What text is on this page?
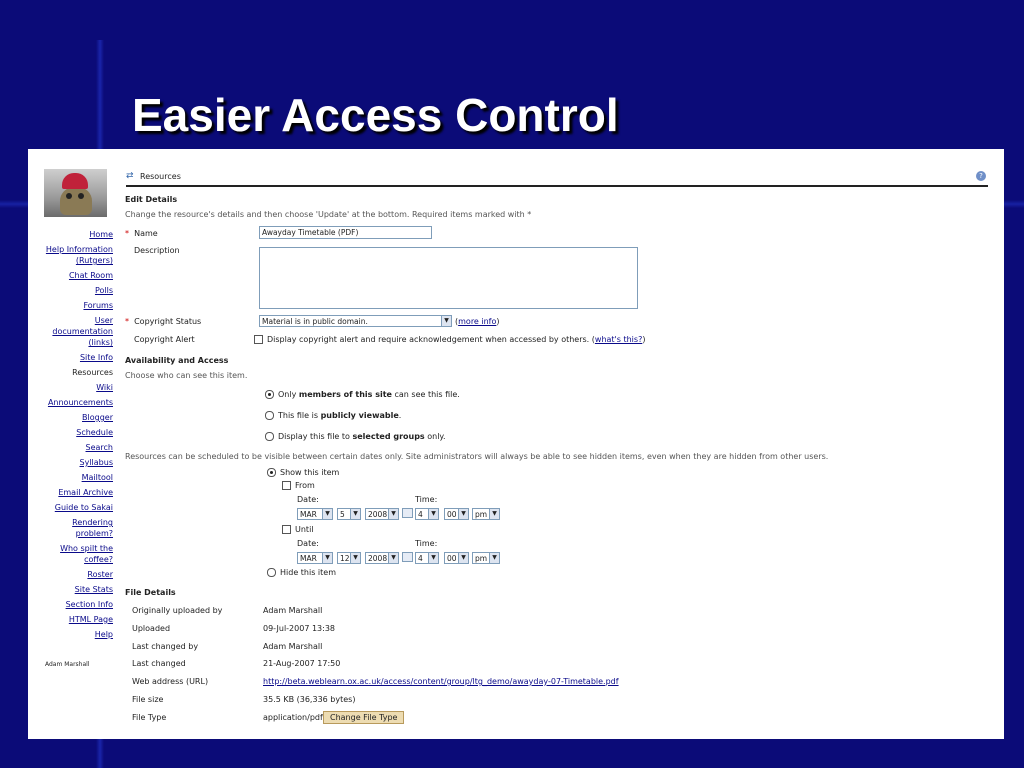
Easier Access Control
Home
Help Information (Rutgers)
Chat Room
Polls
Forums
User documentation (links)
Site Info
Resources
Wiki
Announcements
Blogger
Schedule
Search
Syllabus
Mailtool
Email Archive
Guide to Sakai
Rendering problem?
Who spilt the coffee?
Roster
Site Stats
Section Info
HTML Page
Help
Adam Marshall
⇄ Resources	?
Edit Details
Change the resource's details and then choose 'Update' at the bottom. Required items marked with *
* Name	Awayday Timetable (PDF)
Description
* Copyright Status	Material is in public domain.	▼ (more info)
Copyright Alert	Display copyright alert and require acknowledgement when accessed by others. (what's this?)
Availability and Access
Choose who can see this item.
Only members of this site can see this file.
This file is publicly viewable.
Display this file to selected groups only.
Resources can be scheduled to be visible between certain dates only. Site administrators will always be able to see hidden items, even when they are hidden from other users.
Show this item
From
Date:	Time:
MAR	▼	5	▼	2008 ▼	4	▼	00 ▼	pm ▼
Until
Date:	Time:
MAR	▼	12 ▼	2008 ▼	4	▼	00 ▼	pm ▼
Hide this item
File Details
Originally uploaded by	Adam Marshall
Uploaded	09-Jul-2007 13:38
Last changed by	Adam Marshall
Last changed	21-Aug-2007 17:50
Web address (URL)	http://beta.weblearn.ox.ac.uk/access/content/group/ltg_demo/awayday-07-Timetable.pdf
File size	35.5 KB (36,336 bytes)
File Type	application/pdf Change File Type
